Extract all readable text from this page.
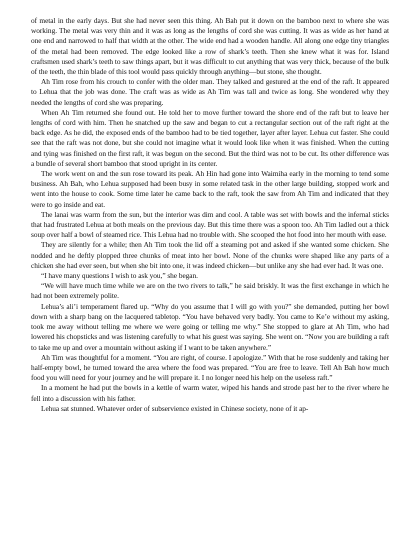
of metal in the early days. But she had never seen this thing. Ah Bah put it down on the bamboo next to where she was working. The metal was very thin and it was as long as the lengths of cord she was cutting. It was as wide as her hand at one end and narrowed to half that width at the other. The wide end had a wooden handle. All along one edge tiny triangles of the metal had been removed. The edge looked like a row of shark’s teeth. Then she knew what it was for. Island craftsmen used shark’s teeth to saw things apart, but it was difficult to cut anything that was very thick, because of the bulk of the teeth, the thin blade of this tool would pass quickly through anything—but stone, she thought.

Ah Tim rose from his crouch to confer with the older man. They talked and gestured at the end of the raft. It appeared to Lehua that the job was done. The craft was as wide as Ah Tim was tall and twice as long. She wondered why they needed the lengths of cord she was preparing.

When Ah Tim returned she found out. He told her to move further toward the shore end of the raft but to leave her lengths of cord with him. Then he snatched up the saw and began to cut a rectangular section out of the raft right at the back edge. As he did, the exposed ends of the bamboo had to be tied together, layer after layer. Lehua cut faster. She could see that the raft was not done, but she could not imagine what it would look like when it was finished. When the cutting and tying was finished on the first raft, it was begun on the second. But the third was not to be cut. Its other difference was a bundle of several short bamboo that stood upright in its center.

The work went on and the sun rose toward its peak. Ah Hin had gone into Waimiha early in the morning to tend some business. Ah Bah, who Lehua supposed had been busy in some related task in the other large building, stopped work and went into the house to cook. Some time later he came back to the raft, took the saw from Ah Tim and indicated that they were to go inside and eat.

The lanai was warm from the sun, but the interior was dim and cool. A table was set with bowls and the infernal sticks that had frustrated Lehua at both meals on the previous day. But this time there was a spoon too. Ah Tim ladled out a thick soup over half a bowl of steamed rice. This Lehua had no trouble with. She scooped the hot food into her mouth with ease.

They are silently for a while; then Ah Tim took the lid off a steaming pot and asked if she wanted some chicken. She nodded and he deftly plopped three chunks of meat into her bowl. None of the chunks were shaped like any parts of a chicken she had ever seen, but when she bit into one, it was indeed chicken—but unlike any she had ever had. It was one.

“I have many questions I wish to ask you,” she began.

“We will have much time while we are on the two rivers to talk,” he said briskly. It was the first exchange in which he had not been extremely polite.

Lehua’s ali’i temperament flared up. “Why do you assume that I will go with you?” she demanded, putting her bowl down with a sharp bang on the lacquered tabletop. “You have behaved very badly. You came to Ke’e without my asking, took me away without telling me where we were going or telling me why.” She stopped to glare at Ah Tim, who had lowered his chopsticks and was listening carefully to what his guest was saying. She went on. “Now you are building a raft to take me up and over a mountain without asking if I want to be taken anywhere.”

Ah Tim was thoughtful for a moment. “You are right, of course. I apologize.” With that he rose suddenly and taking her half-empty bowl, he turned toward the area where the food was prepared. “You are free to leave. Tell Ah Bah how much food you will need for your journey and he will prepare it. I no longer need his help on the useless raft.”

In a moment he had put the bowls in a kettle of warm water, wiped his hands and strode past her to the river where he fell into a discussion with his father.

Lehua sat stunned. Whatever order of subservience existed in Chinese society, none of it ap-
